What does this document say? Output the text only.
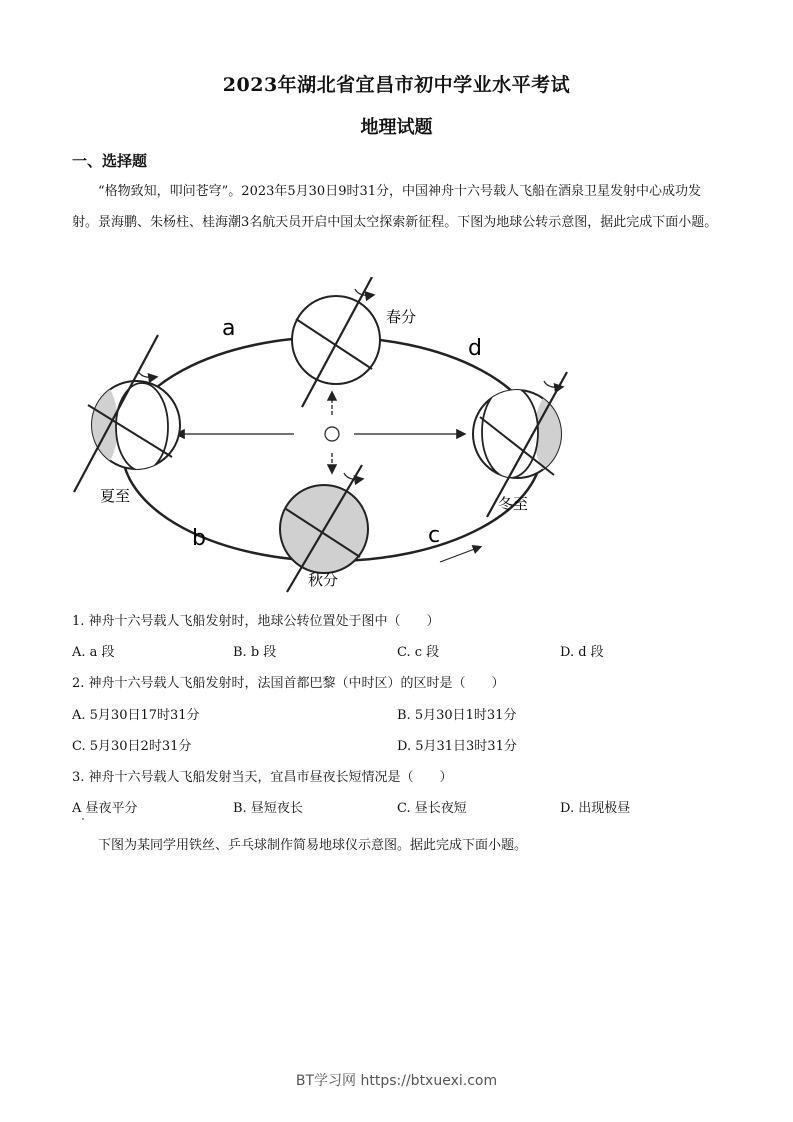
2023年湖北省宜昌市初中学业水平考试
地理试题
一、选择题
“格物致知，叩问苍穹”。2023年5月30日9时31分，中国神舟十六号载人飞船在酒泉卫星发射中心成功发射。景海鹏、朱杨柱、桂海潮3名航天员开启中国太空探索新征程。下图为地球公转示意图，据此完成下面小题。
a
b	c
d
春分
夏至	冬至
秋分
1. 神舟十六号载人飞船发射时，地球公转位置处于图中（　　）
A. a 段	B. b 段	C. c 段	D. d 段
2. 神舟十六号载人飞船发射时，法国首都巴黎（中时区）的区时是（　　）
A. 5月30日17时31分	B. 5月30日1时31分
C. 5月30日2时31分	D. 5月31日3时31分
3. 神舟十六号载人飞船发射当天，宜昌市昼夜长短情况是（　　）
A 昼夜平分	B. 昼短夜长	C. 昼长夜短	D. 出现极昼
下图为某同学用铁丝、乒乓球制作简易地球仪示意图。据此完成下面小题。
BT学习网 https://btxuexi.com
